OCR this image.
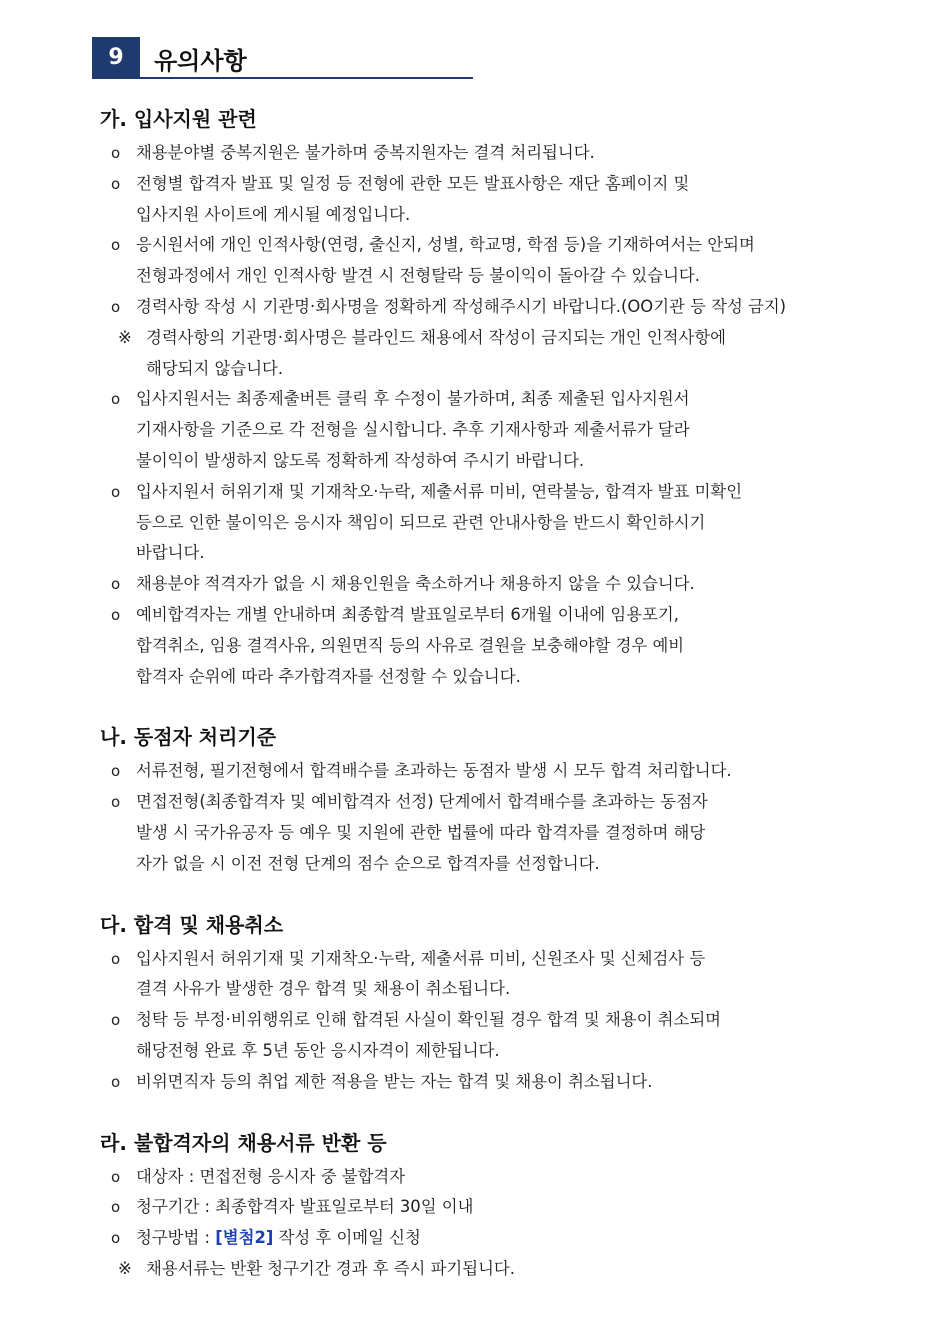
9	유의사항
가. 입사지원 관련
ο 채용분야별 중복지원은 불가하며 중복지원자는 결격 처리됩니다.
ο 전형별 합격자 발표 및 일정 등 전형에 관한 모든 발표사항은 재단 홈페이지 및
입사지원 사이트에 게시될 예정입니다.
ο 응시원서에 개인 인적사항(연령, 출신지, 성별, 학교명, 학점 등)을 기재하여서는 안되며
전형과정에서 개인 인적사항 발견 시 전형탈락 등 불이익이 돌아갈 수 있습니다.
ο 경력사항 작성 시 기관명·회사명을 정확하게 작성해주시기 바랍니다.(OO기관 등 작성 금지)
※ 경력사항의 기관명·회사명은 블라인드 채용에서 작성이 금지되는 개인 인적사항에
해당되지 않습니다.
ο 입사지원서는 최종제출버튼 클릭 후 수정이 불가하며, 최종 제출된 입사지원서
기재사항을 기준으로 각 전형을 실시합니다. 추후 기재사항과 제출서류가 달라
불이익이 발생하지 않도록 정확하게 작성하여 주시기 바랍니다.
ο 입사지원서 허위기재 및 기재착오·누락, 제출서류 미비, 연락불능, 합격자 발표 미확인
등으로 인한 불이익은 응시자 책임이 되므로 관련 안내사항을 반드시 확인하시기
바랍니다.
ο 채용분야 적격자가 없을 시 채용인원을 축소하거나 채용하지 않을 수 있습니다.
ο 예비합격자는 개별 안내하며 최종합격 발표일로부터 6개월 이내에 임용포기,
합격취소, 임용 결격사유, 의원면직 등의 사유로 결원을 보충해야할 경우 예비
합격자 순위에 따라 추가합격자를 선정할 수 있습니다.
나. 동점자 처리기준
ο 서류전형, 필기전형에서 합격배수를 초과하는 동점자 발생 시 모두 합격 처리합니다.
ο 면접전형(최종합격자 및 예비합격자 선정) 단계에서 합격배수를 초과하는 동점자
발생 시 국가유공자 등 예우 및 지원에 관한 법률에 따라 합격자를 결정하며 해당
자가 없을 시 이전 전형 단계의 점수 순으로 합격자를 선정합니다.
다. 합격 및 채용취소
ο 입사지원서 허위기재 및 기재착오·누락, 제출서류 미비, 신원조사 및 신체검사 등
결격 사유가 발생한 경우 합격 및 채용이 취소됩니다.
ο 청탁 등 부정·비위행위로 인해 합격된 사실이 확인될 경우 합격 및 채용이 취소되며
해당전형 완료 후 5년 동안 응시자격이 제한됩니다.
ο 비위면직자 등의 취업 제한 적용을 받는 자는 합격 및 채용이 취소됩니다.
라. 불합격자의 채용서류 반환 등
ο 대상자 : 면접전형 응시자 중 불합격자
ο 청구기간 : 최종합격자 발표일로부터 30일 이내
ο 청구방법 : [별첨2] 작성 후 이메일 신청
※ 채용서류는 반환 청구기간 경과 후 즉시 파기됩니다.
